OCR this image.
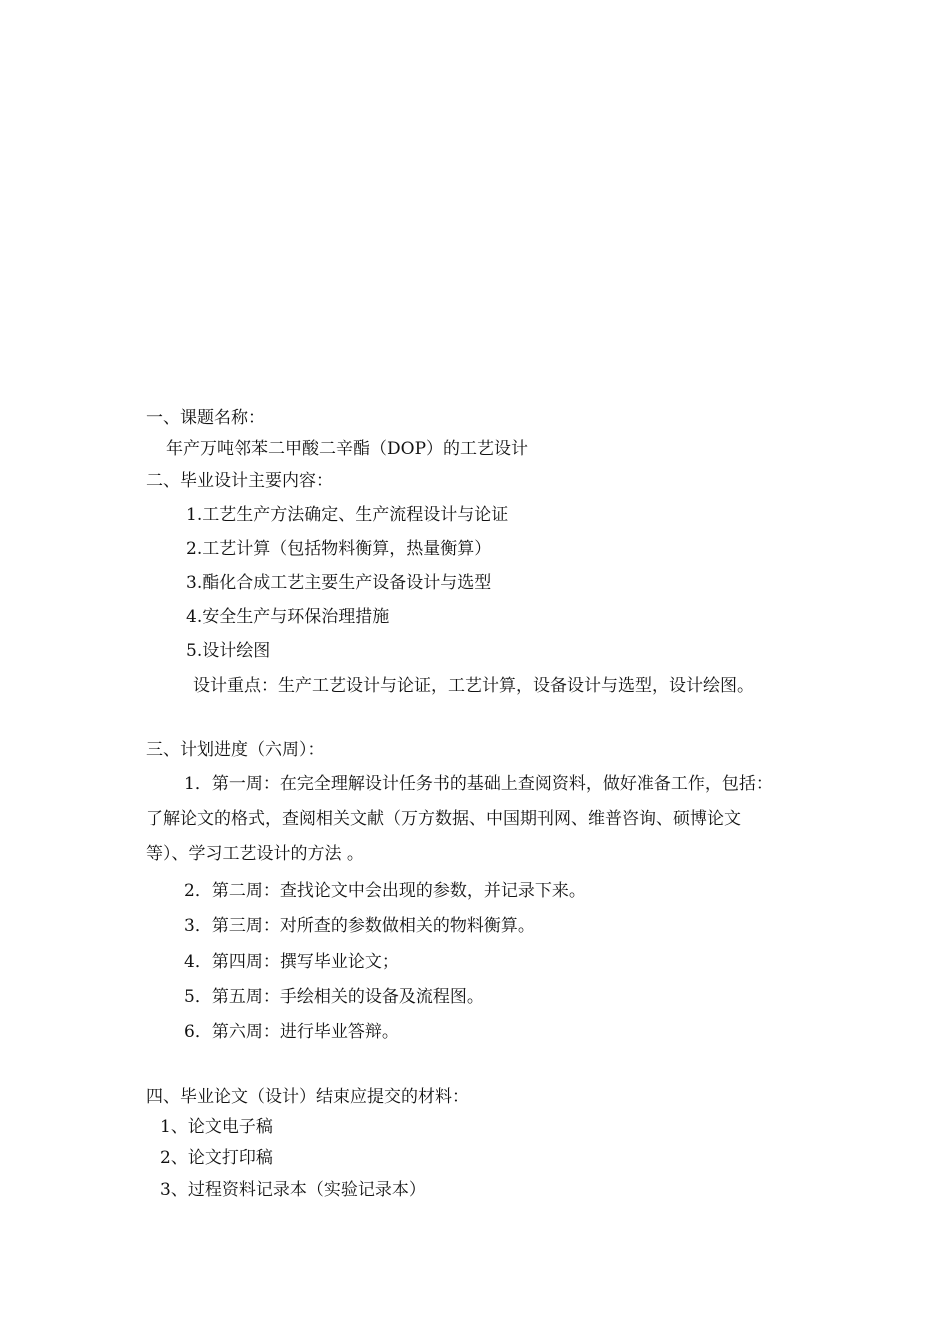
一、课题名称：
年产万吨邻苯二甲酸二辛酯（DOP）的工艺设计
二、毕业设计主要内容：
1.工艺生产方法确定、生产流程设计与论证
2.工艺计算（包括物料衡算，热量衡算）
3.酯化合成工艺主要生产设备设计与选型
4.安全生产与环保治理措施
5.设计绘图
设计重点：生产工艺设计与论证，工艺计算，设备设计与选型，设计绘图。
三、计划进度（六周）：
1．第一周：在完全理解设计任务书的基础上查阅资料，做好准备工作，包括：
了解论文的格式，查阅相关文献（万方数据、中国期刊网、维普咨询、硕博论文
等）、学习工艺设计的方法 。
2．第二周：查找论文中会出现的参数，并记录下来。
3．第三周：对所查的参数做相关的物料衡算。
4．第四周：撰写毕业论文；
5．第五周：手绘相关的设备及流程图。
6．第六周：进行毕业答辩。
四、毕业论文（设计）结束应提交的材料：
1、论文电子稿
2、论文打印稿
3、过程资料记录本（实验记录本）
